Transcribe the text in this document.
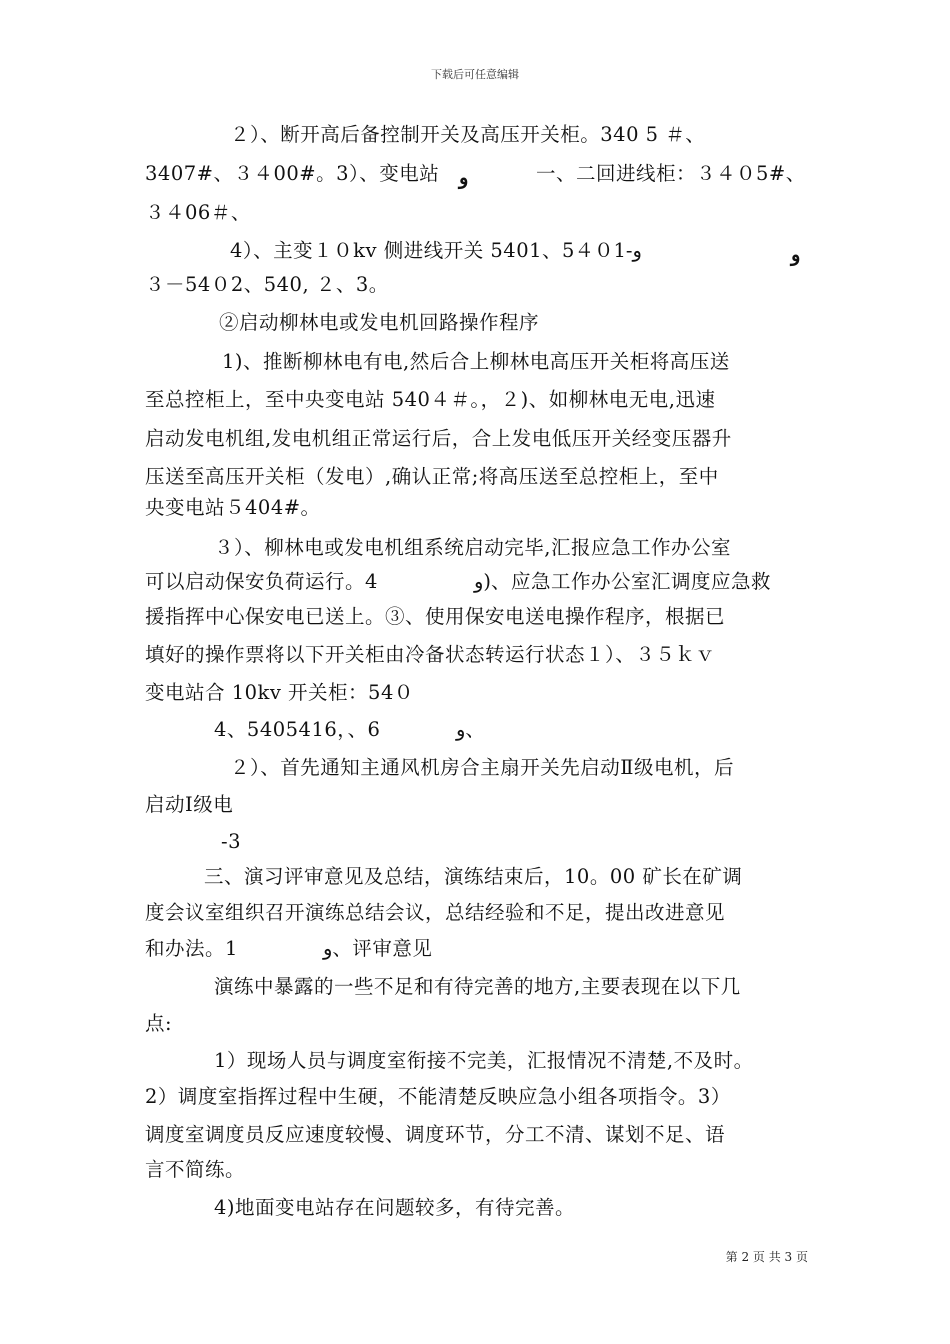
下载后可任意编辑
２）、断开高后备控制开关及高压开关柜。340 5 ＃、
3407#、３４00#。3）、变电站 ﻭ	一、二回进线柜：３４０5#、
３４06＃、
4）、主变１０kv 侧进线开关 540ﻭ-5４０1、1	ﻭ
３－54０2、540, ２、3。
②启动柳林电或发电机回路操作程序
1)、推断柳林电有电,然后合上柳林电高压开关柜将高压送
至总控柜上，至中央变电站 540４＃。，２)、如柳林电无电,迅速
启动发电机组,发电机组正常运行后，合上发电低压开关经变压器升
压送至高压开关柜（发电）,确认正常;将高压送至总控柜上，至中
央变电站５404#。
３）、柳林电或发电机组系统启动完毕,汇报应急工作办公室
可以启动保安负荷运行。4	ﻭ)、应急工作办公室汇调度应急救
援指挥中心保安电已送上。③、使用保安电送电操作程序，根据已
填好的操作票将以下开关柜由冷备状态转运行状态１）、３５ｋｖ
变电站合 10kv 开关柜：54０
4、5405416，、6	ﻭ、
２）、首先通知主通风机房合主扇开关先启动Ⅱ级电机，后
启动Ⅰ级电
-3
三、演习评审意见及总结，演练结束后，10。00 矿长在矿调
度会议室组织召开演练总结会议，总结经验和不足，提出改进意见
和办法。1	ﻭ、评审意见
演练中暴露的一些不足和有待完善的地方,主要表现在以下几
点:
1）现场人员与调度室衔接不完美，汇报情况不清楚,不及时。
2）调度室指挥过程中生硬，不能清楚反映应急小组各项指令。3）
调度室调度员反应速度较慢、调度环节，分工不清、谋划不足、语
言不简练。
4)地面变电站存在问题较多，有待完善。
第 2 页 共 3 页
